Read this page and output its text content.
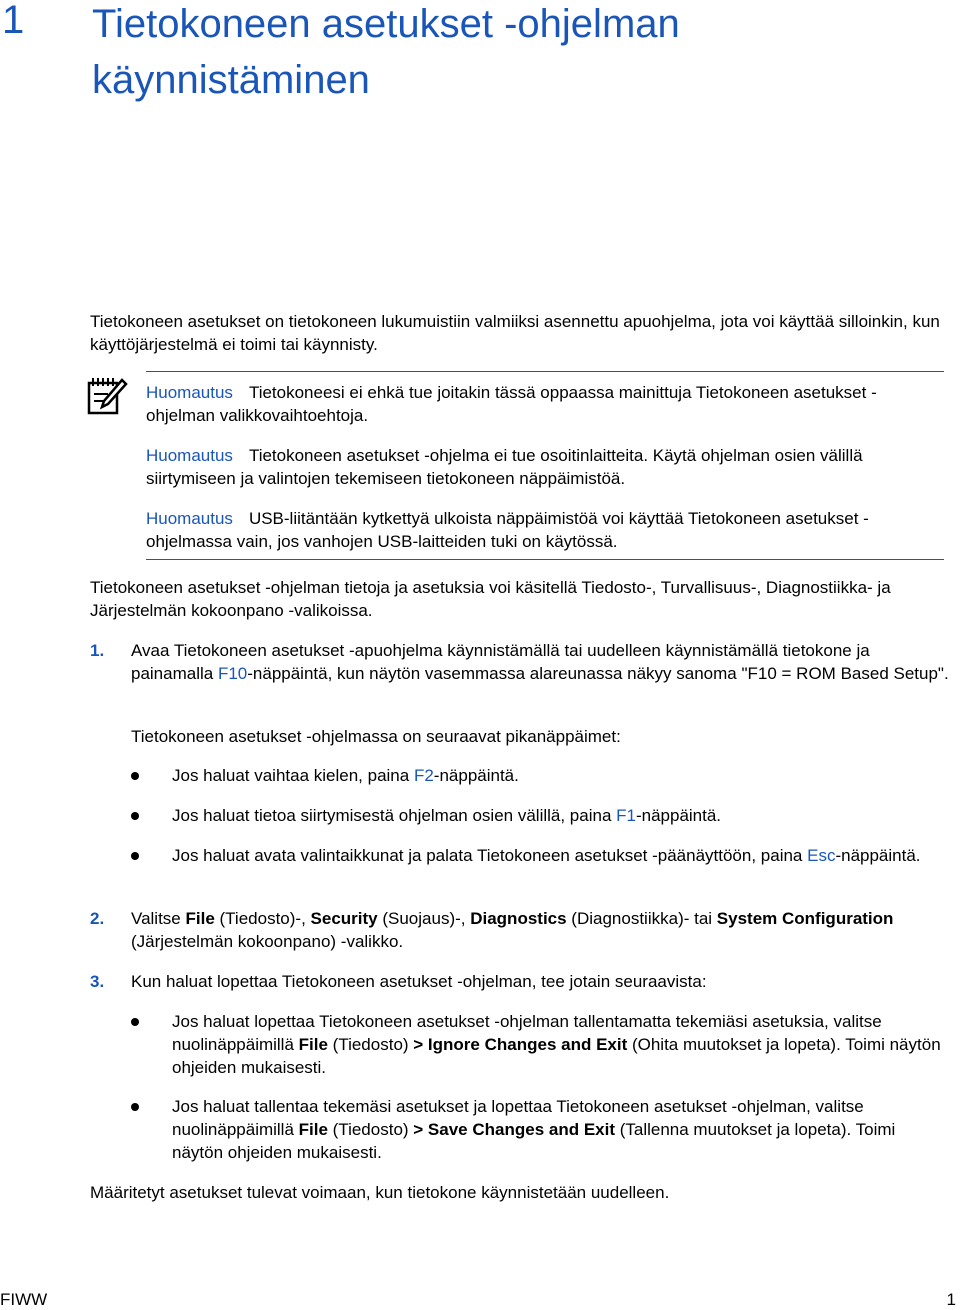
1 Tietokoneen asetukset -ohjelman käynnistäminen
Tietokoneen asetukset on tietokoneen lukumuistiin valmiiksi asennettu apuohjelma, jota voi käyttää silloinkin, kun käyttöjärjestelmä ei toimi tai käynnisty.
Huomautus Tietokoneesi ei ehkä tue joitakin tässä oppaassa mainittuja Tietokoneen asetukset -ohjelman valikkovaihtoehtoja.
Huomautus Tietokoneen asetukset -ohjelma ei tue osoitinlaitteita. Käytä ohjelman osien välillä siirtymiseen ja valintojen tekemiseen tietokoneen näppäimistöä.
Huomautus USB-liitäntään kytkettyä ulkoista näppäimistöä voi käyttää Tietokoneen asetukset -ohjelmassa vain, jos vanhojen USB-laitteiden tuki on käytössä.
Tietokoneen asetukset -ohjelman tietoja ja asetuksia voi käsitellä Tiedosto-, Turvallisuus-, Diagnostiikka- ja Järjestelmän kokoonpano -valikoissa.
1. Avaa Tietokoneen asetukset -apuohjelma käynnistämällä tai uudelleen käynnistämällä tietokone ja painamalla F10-näppäintä, kun näytön vasemmassa alareunassa näkyy sanoma "F10 = ROM Based Setup".
Tietokoneen asetukset -ohjelmassa on seuraavat pikanäppäimet:
Jos haluat vaihtaa kielen, paina F2-näppäintä.
Jos haluat tietoa siirtymisestä ohjelman osien välillä, paina F1-näppäintä.
Jos haluat avata valintaikkunat ja palata Tietokoneen asetukset -päänäyttöön, paina Esc-näppäintä.
2. Valitse File (Tiedosto)-, Security (Suojaus)-, Diagnostics (Diagnostiikka)- tai System Configuration (Järjestelmän kokoonpano) -valikko.
3. Kun haluat lopettaa Tietokoneen asetukset -ohjelman, tee jotain seuraavista:
Jos haluat lopettaa Tietokoneen asetukset -ohjelman tallentamatta tekemiäsi asetuksia, valitse nuolinäppäimillä File (Tiedosto) > Ignore Changes and Exit (Ohita muutokset ja lopeta). Toimi näytön ohjeiden mukaisesti.
Jos haluat tallentaa tekemäsi asetukset ja lopettaa Tietokoneen asetukset -ohjelman, valitse nuolinäppäimillä File (Tiedosto) > Save Changes and Exit (Tallenna muutokset ja lopeta). Toimi näytön ohjeiden mukaisesti.
Määritetyt asetukset tulevat voimaan, kun tietokone käynnistetään uudelleen.
FIWW	1
